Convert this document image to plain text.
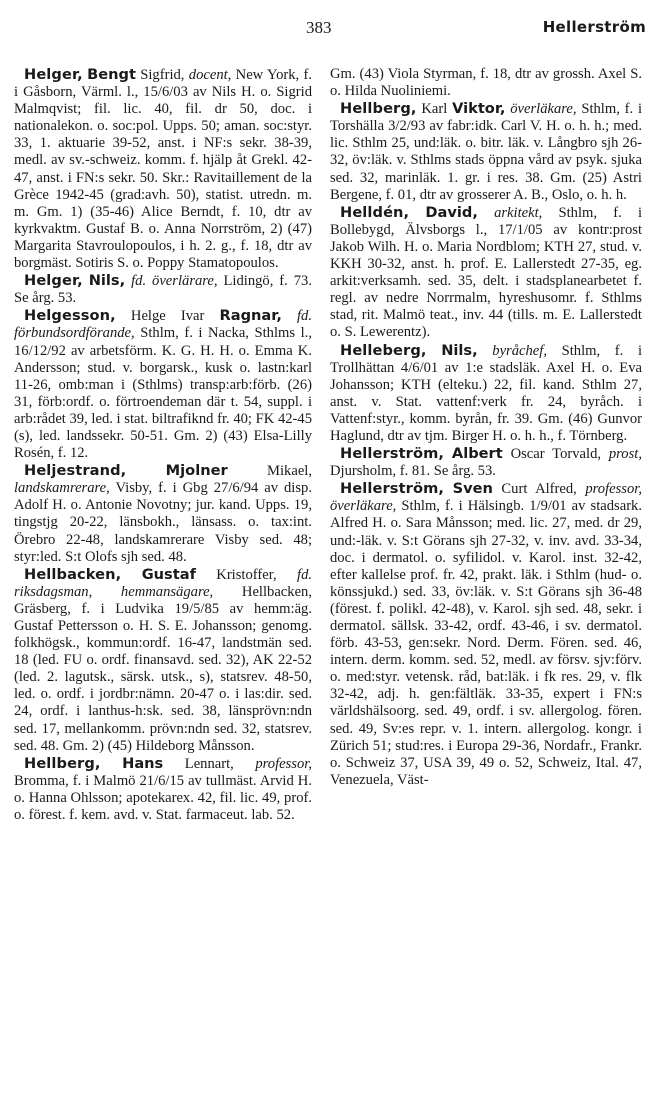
383	Hellerström

Helger, Bengt Sigfrid, docent, New York, f. i Gåsborn, Värml. l., 15/6/03 av Nils H. o. Sigrid Malmqvist; fil. lic. 40, fil. dr 50, doc. i nationalekon. o. soc:pol. Upps. 50; aman. soc:styr. 33, 1. aktuarie 39-52, anst. i NF:s sekr. 38-39, medl. av sv.-schweiz. komm. f. hjälp åt Grekl. 42-47, anst. i FN:s sekr. 50. Skr.: Ravitaillement de la Grèce 1942-45 (grad:avh. 50), statist. utredn. m. m. Gm. 1) (35-46) Alice Berndt, f. 10, dtr av kyrkvaktm. Gustaf B. o. Anna Norrström, 2) (47) Margarita Stavroulopoulos, i h. 2. g., f. 18, dtr av borgmäst. Sotiris S. o. Poppy Stamatopoulos.

Helger, Nils, fd. överlärare, Lidingö, f. 73. Se årg. 53.

Helgesson, Helge Ivar Ragnar, fd. förbundsordförande, Sthlm, f. i Nacka, Sthlms l., 16/12/92 av arbetsförm. K. G. H. H. o. Emma K. Andersson; stud. v. borgarsk., kusk o. lastn:karl 11-26, omb:man i (Sthlms) transp:arb:förb. (26) 31, förb:ordf. o. förtroendeman där t. 54, suppl. i arb:rådet 39, led. i stat. biltrafiknd fr. 40; FK 42-45 (s), led. landssekr. 50-51. Gm. 2) (43) Elsa-Lilly Rosén, f. 12.

Heljestrand,	Mjolner Mikael, landskamrerare, Visby, f. i Gbg 27/6/94 av disp. Adolf H. o. Antonie Novotny; jur. kand. Upps. 19, tingstjg 20-22, länsbokh., länsass. o. tax:int. Örebro 22-48, landskamrerare Visby sed. 48; styr:led. S:t Olofs sjh sed. 48.

Hellbacken, Gustaf Kristoffer, fd. riksdagsman, hemmansägare, Hellbacken, Gräsberg, f. i Ludvika 19/5/85 av hemm:äg. Gustaf Pettersson o. H. S. E. Johansson; genomg. folkhögsk., kommun:ordf. 16-47, landstmän sed. 18 (led. FU o. ordf. finansavd. sed. 32), AK 22-52 (led. 2. lagutsk., särsk. utsk., s), statsrev. 48-50, led. o. ordf. i jordbr:nämn. 20-47 o. i las:dir. sed. 24, ordf. i lanthus-h:sk. sed. 38, länsprövn:ndn sed. 17, mellankomm. prövn:ndn sed. 32, statsrev. sed. 48. Gm. 2) (45) Hildeborg Månsson.

Hellberg, Hans Lennart, professor, Bromma, f. i Malmö 21/6/15 av tullmäst. Arvid H. o. Hanna Ohlsson; apotekarex. 42, fil. lic. 49, prof. o. förest. f. kem. avd. v. Stat. farmaceut. lab. 52.

Gm. (43) Viola Styrman, f. 18, dtr av grossh. Axel S. o. Hilda Nuoliniemi.

Hellberg, Karl Viktor, överläkare, Sthlm, f. i Torshälla 3/2/93 av fabr:idk. Carl V. H. o. h. h.; med. lic. Sthlm 25, und:läk. o. bitr. läk. v. Långbro sjh 26-32, öv:läk. v. Sthlms stads öppna vård av psyk. sjuka sed. 32, marinläk. 1. gr. i res. 38. Gm. (25) Astri Bergene, f. 01, dtr av grosserer A. B., Oslo, o. h. h.

Helldén, David, arkitekt, Sthlm, f. i Bollebygd, Älvsborgs l., 17/1/05 av kontr:prost Jakob Wilh. H. o. Maria Nordblom; KTH 27, stud. v. KKH 30-32, anst. h. prof. E. Lallerstedt 27-35, eg. arkit:verksamh. sed. 35, delt. i stadsplanearbetet f. regl. av nedre Norrmalm, hyreshusomr. f. Sthlms stad, rit. Malmö teat., inv. 44 (tills. m. E. Lallerstedt o. S. Lewerentz).

Helleberg, Nils, byråchef, Sthlm, f. i Trollhättan 4/6/01 av 1:e stadsläk. Axel H. o. Eva Johansson; KTH (elteku.) 22, fil. kand. Sthlm 27, anst. v. Stat. vattenf:verk fr. 24, byråch. i Vattenf:styr., komm. byrån, fr. 39. Gm. (46) Gunvor Haglund, dtr av tjm. Birger H. o. h. h., f. Törnberg.

Hellerström, Albert Oscar Torvald, prost, Djursholm, f. 81. Se årg. 53.

Hellerström, Sven Curt Alfred, professor, överläkare, Sthlm, f. i Hälsingb. 1/9/01 av stadsark. Alfred H. o. Sara Månsson; med. lic. 27, med. dr 29, und:-läk. v. S:t Görans sjh 27-32, v. inv. avd. 33-34, doc. i dermatol. o. syfilidol. v. Karol. inst. 32-42, efter kallelse prof. fr. 42, prakt. läk. i Sthlm (hud- o. könssjukd.) sed. 33, öv:läk. v. S:t Görans sjh 36-48 (förest. f. polikl. 42-48), v. Karol. sjh sed. 48, sekr. i dermatol. sällsk. 33-42, ordf. 43-46, i sv. dermatol. förb. 43-53, gen:sekr. Nord. Derm. Fören. sed. 46, intern. derm. komm. sed. 52, medl. av försv. sjv:förv. o. med:styr. vetensk. råd, bat:läk. i fk res. 29, v. flk 32-42, adj. h. gen:fältläk. 33-35, expert i FN:s världshälsoorg. sed. 49, ordf. i sv. allergolog. fören. sed. 49, Sv:es repr. v. 1. intern. allergolog. kongr. i Zürich 51; stud:res. i Europa 29-36, Nordafr., Frankr. o. Schweiz 37, USA 39, 49 o. 52, Schweiz, Ital. 47, Venezuela, Väst-
